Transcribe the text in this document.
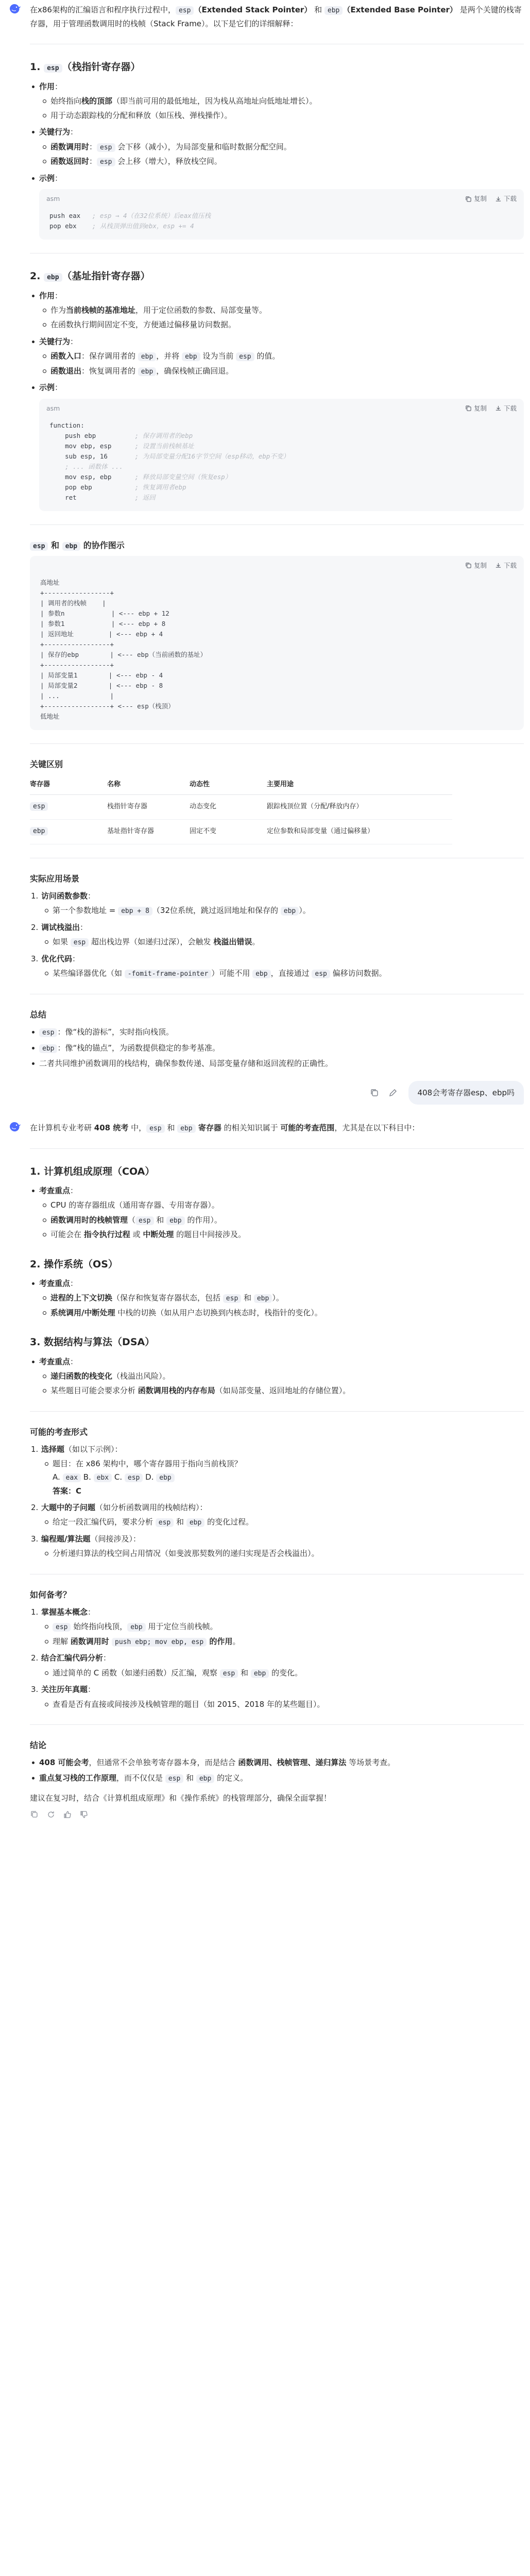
在x86架构的汇编语言和程序执行过程中， esp （Extended Stack Pointer） 和 ebp （Extended Base Pointer） 是两个关键的栈寄存器，用于管理函数调用时的栈帧（Stack Frame）。以下是它们的详细解释：

1. esp （栈指针寄存器）
作用：
始终指向栈的顶部（即当前可用的最低地址，因为栈从高地址向低地址增长）。
用于动态跟踪栈的分配和释放（如压栈、弹栈操作）。
关键行为：
函数调用时： esp 会下移（减小），为局部变量和临时数据分配空间。
函数返回时： esp 会上移（增大），释放栈空间。
示例：
asm	复制	下载
push eax   ; esp → 4（在32位系统）后eax值压栈
pop ebx    ; 从栈顶弹出值到ebx，esp += 4
2. ebp （基址指针寄存器）
作用：
作为当前栈帧的基准地址，用于定位函数的参数、局部变量等。
在函数执行期间固定不变，方便通过偏移量访问数据。
关键行为：
函数入口：保存调用者的 ebp ，并将 ebp 设为当前 esp 的值。
函数退出：恢复调用者的 ebp ，确保栈帧正确回退。
示例：
asm	复制	下载
function:
push ebp          ; 保存调用者的ebp
mov ebp, esp      ; 设置当前栈帧基址
sub esp, 16       ; 为局部变量分配16字节空间（esp移动，ebp不变）
; ... 函数体 ...
mov esp, ebp      ; 释放局部变量空间（恢复esp）
pop ebp           ; 恢复调用者ebp
ret               ; 返回
esp 和 ebp 的协作图示
复制	下载
高地址
+-----------------+
| 调用者的栈帧    |
| 参数n            | <--- ebp + 12
| 参数1            | <--- ebp + 8
| 返回地址         | <--- ebp + 4
+-----------------+
| 保存的ebp        | <--- ebp（当前函数的基址）
+-----------------+
| 局部变量1        | <--- ebp - 4
| 局部变量2        | <--- ebp - 8
| ...             |
+-----------------+ <--- esp（栈顶）
低地址
关键区别
寄存器	名称	动态性	主要用途
esp	栈指针寄存器	动态变化	跟踪栈顶位置（分配/释放内存）
ebp	基址指针寄存器	固定不变	定位参数和局部变量（通过偏移量）
实际应用场景
访问函数参数：
第一个参数地址 = ebp + 8 （32位系统，跳过返回地址和保存的 ebp ）。
调试栈溢出：
如果 esp 超出栈边界（如递归过深），会触发 栈溢出错误。
优化代码：
某些编译器优化（如 -fomit-frame-pointer ）可能不用 ebp ，直接通过 esp 偏移访问数据。
总结
esp ：像“栈的游标”，实时指向栈顶。
ebp ：像“栈的锚点”，为函数提供稳定的参考基准。
二者共同维护函数调用的栈结构，确保参数传递、局部变量存储和返回流程的正确性。
408会考寄存器esp、ebp吗

在计算机专业考研 408 统考 中， esp 和 ebp 寄存器 的相关知识属于 可能的考查范围，尤其是在以下科目中：

1. 计算机组成原理（COA）
考查重点：
CPU 的寄存器组成（通用寄存器、专用寄存器）。
函数调用时的栈帧管理（ esp 和 ebp 的作用）。
可能会在 指令执行过程 或 中断处理 的题目中间接涉及。
2. 操作系统（OS）
考查重点：
进程的上下文切换（保存和恢复寄存器状态，包括 esp 和 ebp ）。
系统调用/中断处理 中栈的切换（如从用户态切换到内核态时，栈指针的变化）。
3. 数据结构与算法（DSA）
考查重点：
递归函数的栈变化（栈溢出风险）。
某些题目可能会要求分析 函数调用栈的内存布局（如局部变量、返回地址的存储位置）。
可能的考查形式
选择题（如以下示例）：
题目：在 x86 架构中，哪个寄存器用于指向当前栈顶？
A. eax B. ebx C. esp D. ebp
答案：C
大题中的子问题（如分析函数调用的栈帧结构）：
给定一段汇编代码，要求分析 esp 和 ebp 的变化过程。
编程题/算法题（间接涉及）：
分析递归算法的栈空间占用情况（如斐波那契数列的递归实现是否会栈溢出）。
如何备考？
掌握基本概念：
esp 始终指向栈顶， ebp 用于定位当前栈帧。
理解 函数调用时 push ebp; mov ebp, esp 的作用。
结合汇编代码分析：
通过简单的 C 函数（如递归函数）反汇编，观察 esp 和 ebp 的变化。
关注历年真题：
查看是否有直接或间接涉及栈帧管理的题目（如 2015、2018 年的某些题目）。
结论
408 可能会考，但通常不会单独考寄存器本身，而是结合 函数调用、栈帧管理、递归算法 等场景考查。
重点复习栈的工作原理，而不仅仅是 esp 和 ebp 的定义。

建议在复习时，结合《计算机组成原理》和《操作系统》的栈管理部分，确保全面掌握！
